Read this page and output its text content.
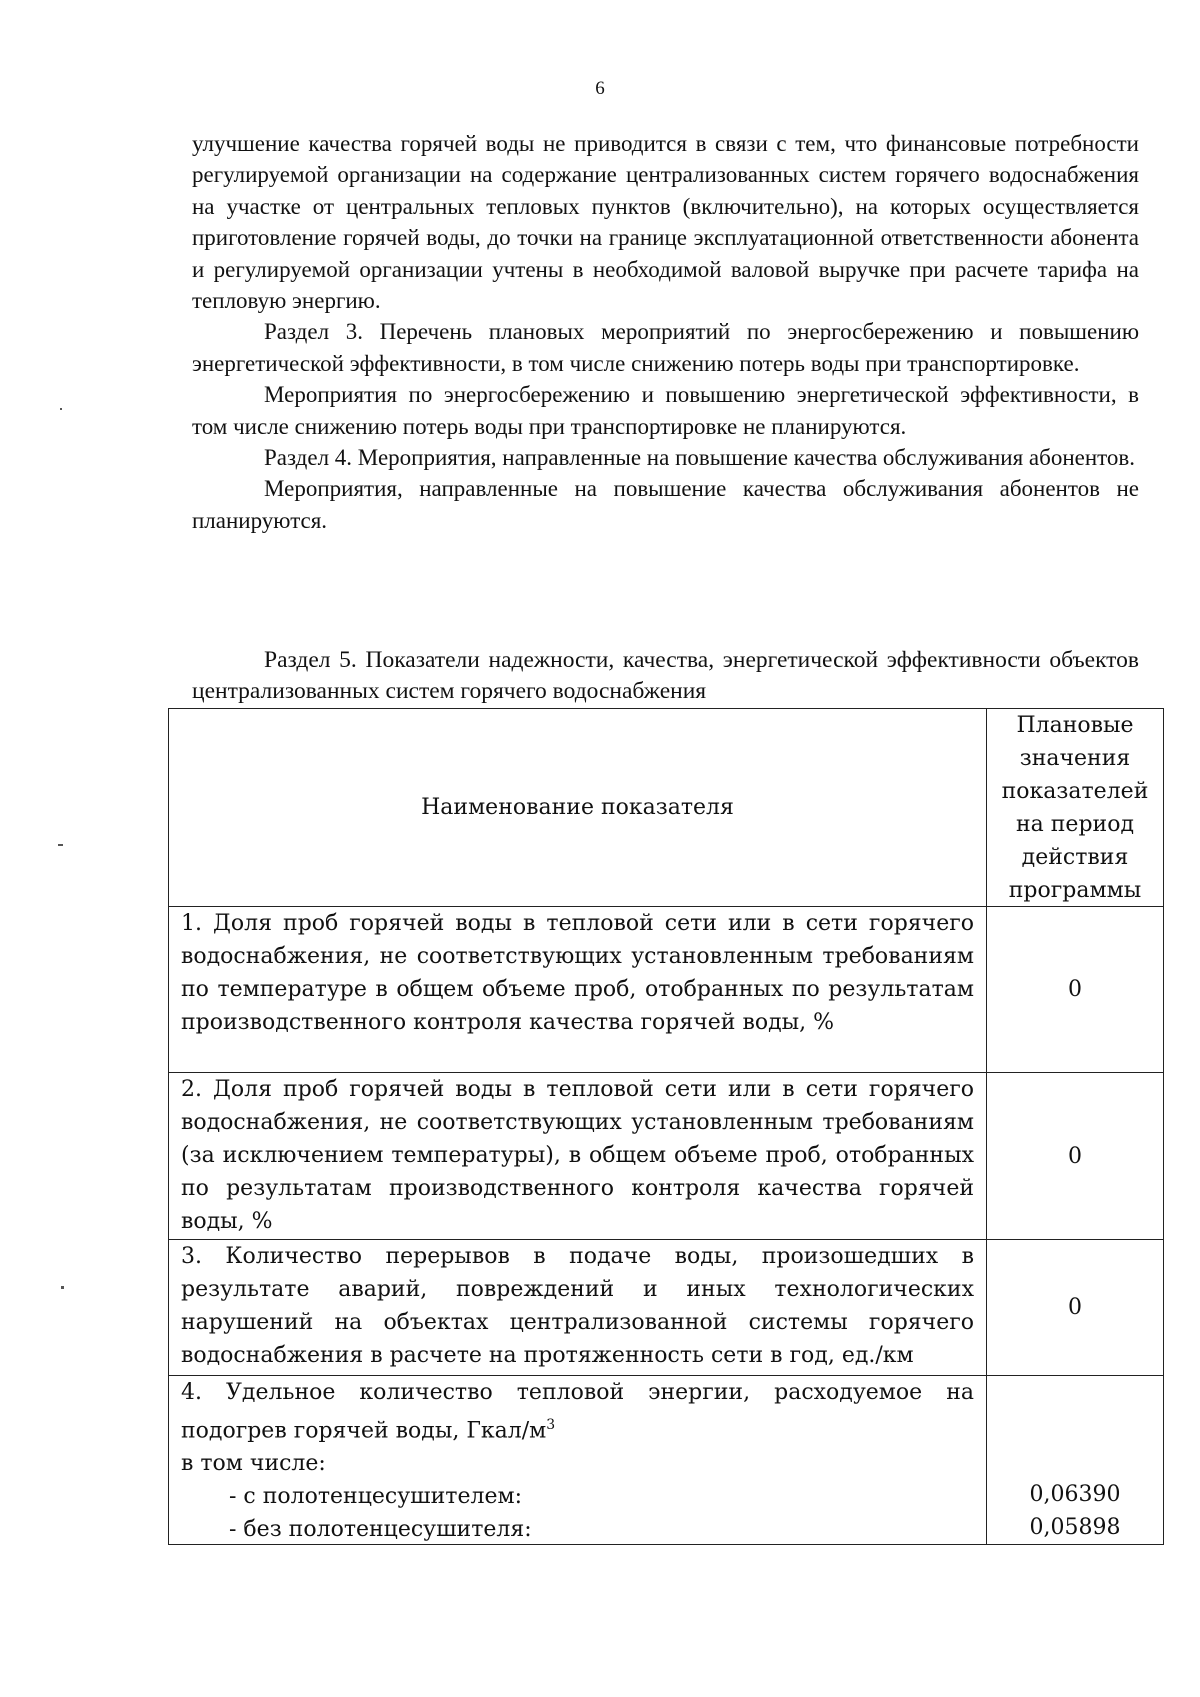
6

улучшение качества горячей воды не приводится в связи с тем, что финансовые потребности регулируемой организации на содержание централизованных систем горячего водоснабжения на участке от центральных тепловых пунктов (включительно), на которых осуществляется приготовление горячей воды, до точки на границе эксплуатационной ответственности абонента и регулируемой организации учтены в необходимой валовой выручке при расчете тарифа на тепловую энергию.

Раздел 3. Перечень плановых мероприятий по энергосбережению и повышению энергетической эффективности, в том числе снижению потерь воды при транспортировке.

Мероприятия по энергосбережению и повышению энергетической эффективности, в том числе снижению потерь воды при транспортировке не планируются.

Раздел 4. Мероприятия, направленные на повышение качества обслуживания абонентов.

Мероприятия, направленные на повышение качества обслуживания абонентов не планируются.

Раздел 5. Показатели надежности, качества, энергетической эффективности объектов централизованных систем горячего водоснабжения

Наименование показателя
Плановые значения показателей на период действия программы

1. Доля проб горячей воды в тепловой сети или в сети горячего водоснабжения, не соответствующих установленным требованиям по температуре в общем объеме проб, отобранных по результатам производственного контроля качества горячей воды, %

0

2. Доля проб горячей воды в тепловой сети или в сети горячего водоснабжения, не соответствующих установленным требованиям (за исключением температуры), в общем объеме проб, отобранных по результатам производственного контроля качества горячей воды, %

0

3. Количество перерывов в подаче воды, произошедших в результате аварий, повреждений и иных технологических нарушений на объектах централизованной системы горячего водоснабжения в расчете на протяженность сети в год, ед./км

0

4. Удельное количество тепловой энергии, расходуемое на подогрев горячей воды, Гкал/$м^3$

в том числе:

- с полотенцесушителем:

- без полотенцесушителя:

0,06390
0,05898
